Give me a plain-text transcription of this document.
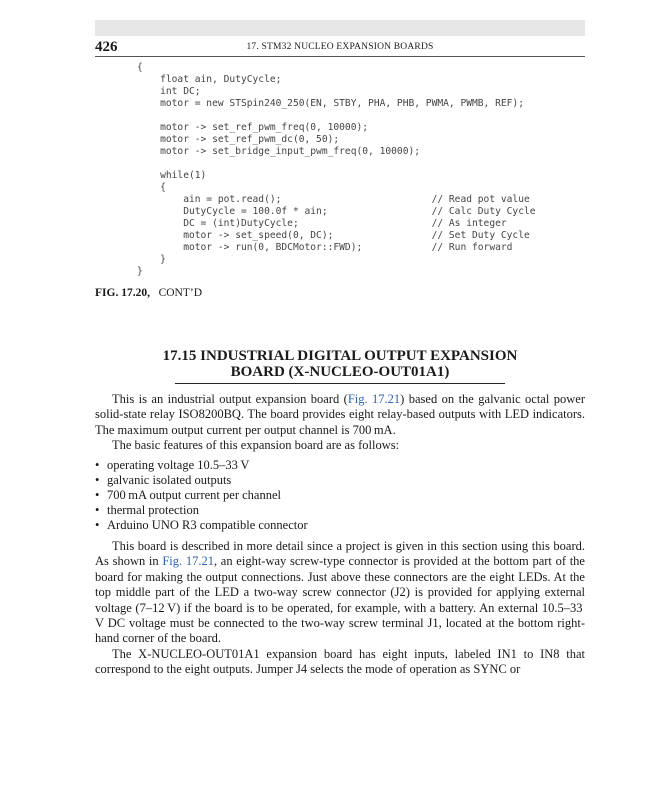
426	17. STM32 NUCLEO EXPANSION BOARDS
{
float ain, DutyCycle;
int DC;
motor = new STSpin240_250(EN, STBY, PHA, PHB, PWMA, PWMB, REF);

motor -> set_ref_pwm_freq(0, 10000);
motor -> set_ref_pwm_dc(0, 50);
motor -> set_bridge_input_pwm_freq(0, 10000);

while(1)
{
ain = pot.read();                          // Read pot value
DutyCycle = 100.0f * ain;                  // Calc Duty Cycle
DC = (int)DutyCycle;                       // As integer
motor -> set_speed(0, DC);                 // Set Duty Cycle
motor -> run(0, BDCMotor::FWD);            // Run forward
}
}
FIG. 17.20, CONT’D
17.15 INDUSTRIAL DIGITAL OUTPUT EXPANSION
BOARD (X-NUCLEO-OUT01A1)

This is an industrial output expansion board (Fig. 17.21) based on the galvanic octal power solid-state relay ISO8200BQ. The board provides eight relay-based outputs with LED indicators. The maximum output current per output channel is 700 mA.

The basic features of this expansion board are as follows:

• operating voltage 10.5–33 V
• galvanic isolated outputs
• 700 mA output current per channel
• thermal protection
• Arduino UNO R3 compatible connector

This board is described in more detail since a project is given in this section using this board. As shown in Fig. 17.21, an eight-way screw-type connector is provided at the bottom part of the board for making the output connections. Just above these connectors are the eight LEDs. At the top middle part of the LED a two-way screw connector (J2) is provided for applying external voltage (7–12 V) if the board is to be operated, for example, with a battery. An external 10.5–33 V DC voltage must be connected to the two-way screw terminal J1, located at the bottom right-hand corner of the board.

The X-NUCLEO-OUT01A1 expansion board has eight inputs, labeled IN1 to IN8 that correspond to the eight outputs. Jumper J4 selects the mode of operation as SYNC or
